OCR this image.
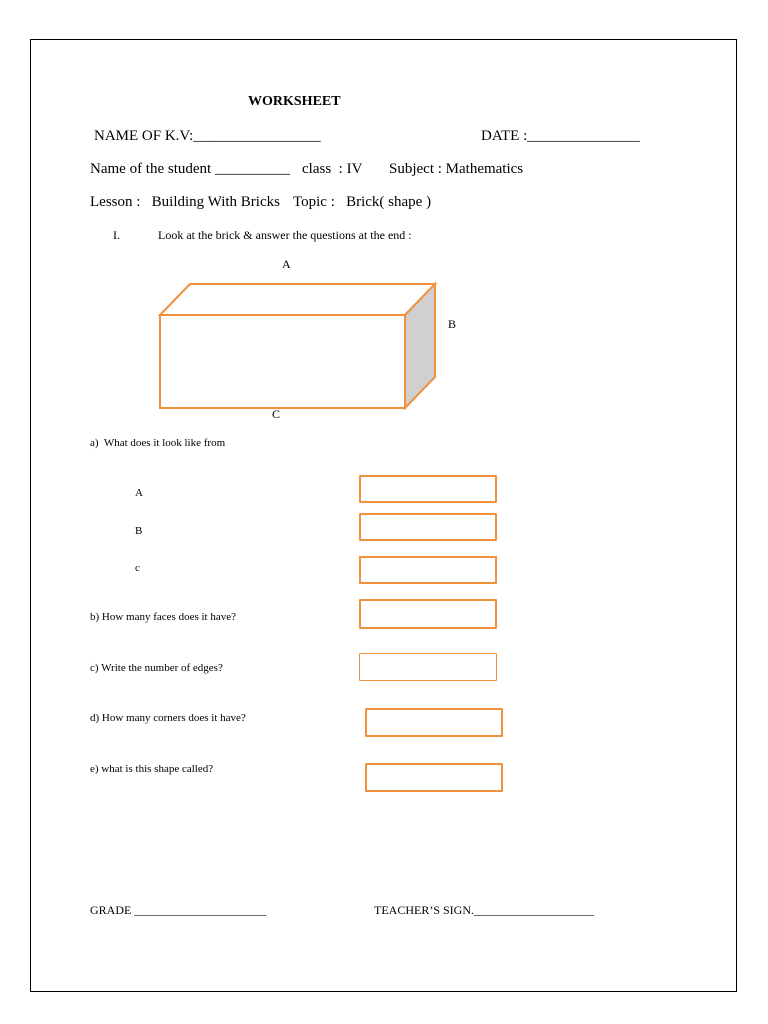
WORKSHEET
NAME OF K.V:_________________	DATE :_______________
Name of the student __________ class  : IV Subject : Mathematics
Lesson :   Building With Bricks Topic :   Brick( shape )
I.	Look at the brick & answer the questions at the end :
A
B
C
a)  What does it look like from
A
B
c
b) How many faces does it have?
c) Write the number of edges?
d) How many corners does it have?
e) what is this shape called?
GRADE ______________________	TEACHER’S SIGN.____________________
